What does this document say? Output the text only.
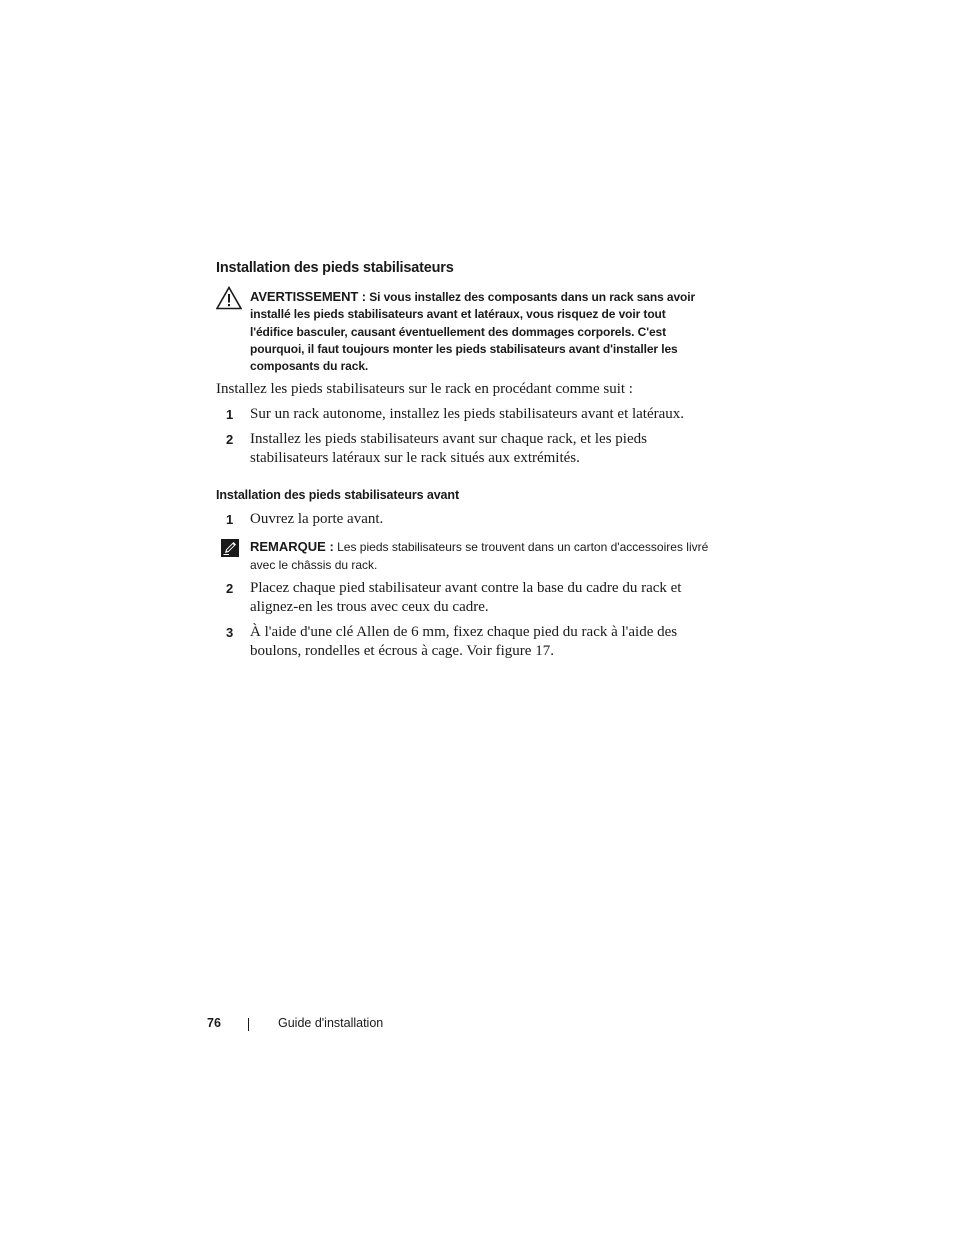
Installation des pieds stabilisateurs
AVERTISSEMENT : Si vous installez des composants dans un rack sans avoir installé les pieds stabilisateurs avant et latéraux, vous risquez de voir tout l'édifice basculer, causant éventuellement des dommages corporels. C'est pourquoi, il faut toujours monter les pieds stabilisateurs avant d'installer les composants du rack.
Installez les pieds stabilisateurs sur le rack en procédant comme suit :
1 Sur un rack autonome, installez les pieds stabilisateurs avant et latéraux.
2 Installez les pieds stabilisateurs avant sur chaque rack, et les pieds stabilisateurs latéraux sur le rack situés aux extrémités.
Installation des pieds stabilisateurs avant
1 Ouvrez la porte avant.
REMARQUE : Les pieds stabilisateurs se trouvent dans un carton d'accessoires livré avec le châssis du rack.
2 Placez chaque pied stabilisateur avant contre la base du cadre du rack et alignez-en les trous avec ceux du cadre.
3 À l'aide d'une clé Allen de 6 mm, fixez chaque pied du rack à l'aide des boulons, rondelles et écrous à cage. Voir figure 17.
76	Guide d'installation
